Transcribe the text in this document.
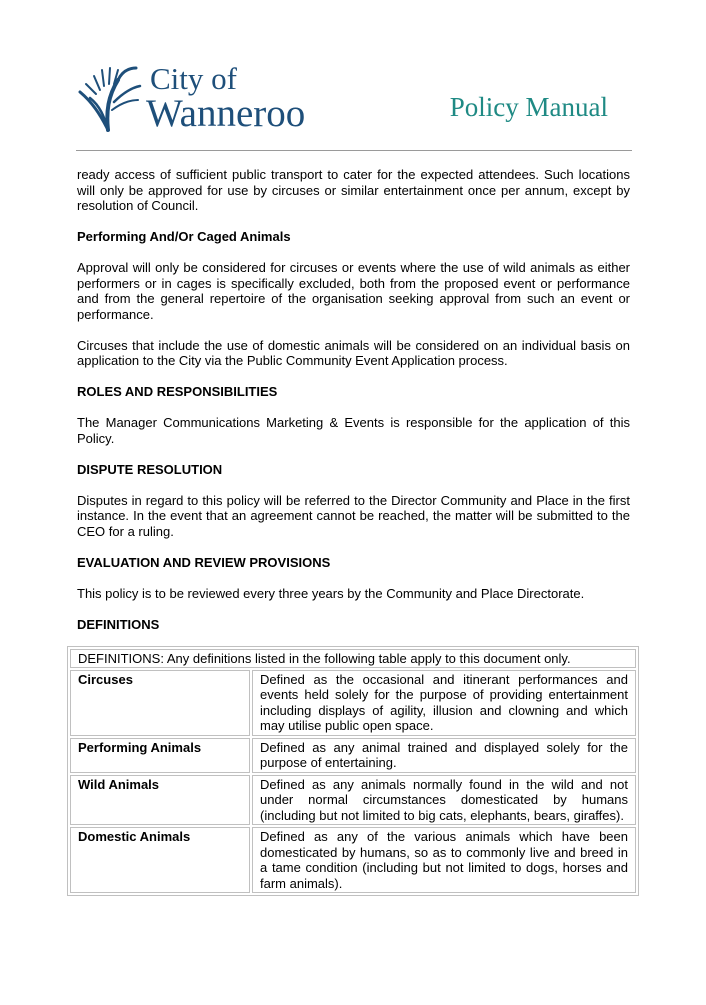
City of
Wanneroo	Policy Manual

ready access of sufficient public transport to cater for the expected attendees. Such locations will only be approved for use by circuses or similar entertainment once per annum, except by resolution of Council.

Performing And/Or Caged Animals

Approval will only be considered for circuses or events where the use of wild animals as either performers or in cages is specifically excluded, both from the proposed event or performance and from the general repertoire of the organisation seeking approval from such an event or performance.

Circuses that include the use of domestic animals will be considered on an individual basis on application to the City via the Public Community Event Application process.

ROLES AND RESPONSIBILITIES

The Manager Communications Marketing & Events is responsible for the application of this Policy.

DISPUTE RESOLUTION

Disputes in regard to this policy will be referred to the Director Community and Place in the first instance. In the event that an agreement cannot be reached, the matter will be submitted to the CEO for a ruling.

EVALUATION AND REVIEW PROVISIONS

This policy is to be reviewed every three years by the Community and Place Directorate.

DEFINITIONS
DEFINITIONS: Any definitions listed in the following table apply to this document only.	
Circuses	Defined as the occasional and itinerant performances and events held solely for the purpose of providing entertainment including displays of agility, illusion and clowning and which may utilise public open space.
Performing Animals	Defined as any animal trained and displayed solely for the purpose of entertaining.
Wild Animals	Defined as any animals normally found in the wild and not under normal circumstances domesticated by humans (including but not limited to big cats, elephants, bears, giraffes).
Domestic Animals	Defined as any of the various animals which have been domesticated by humans, so as to commonly live and breed in a tame condition (including but not limited to dogs, horses and farm animals).
